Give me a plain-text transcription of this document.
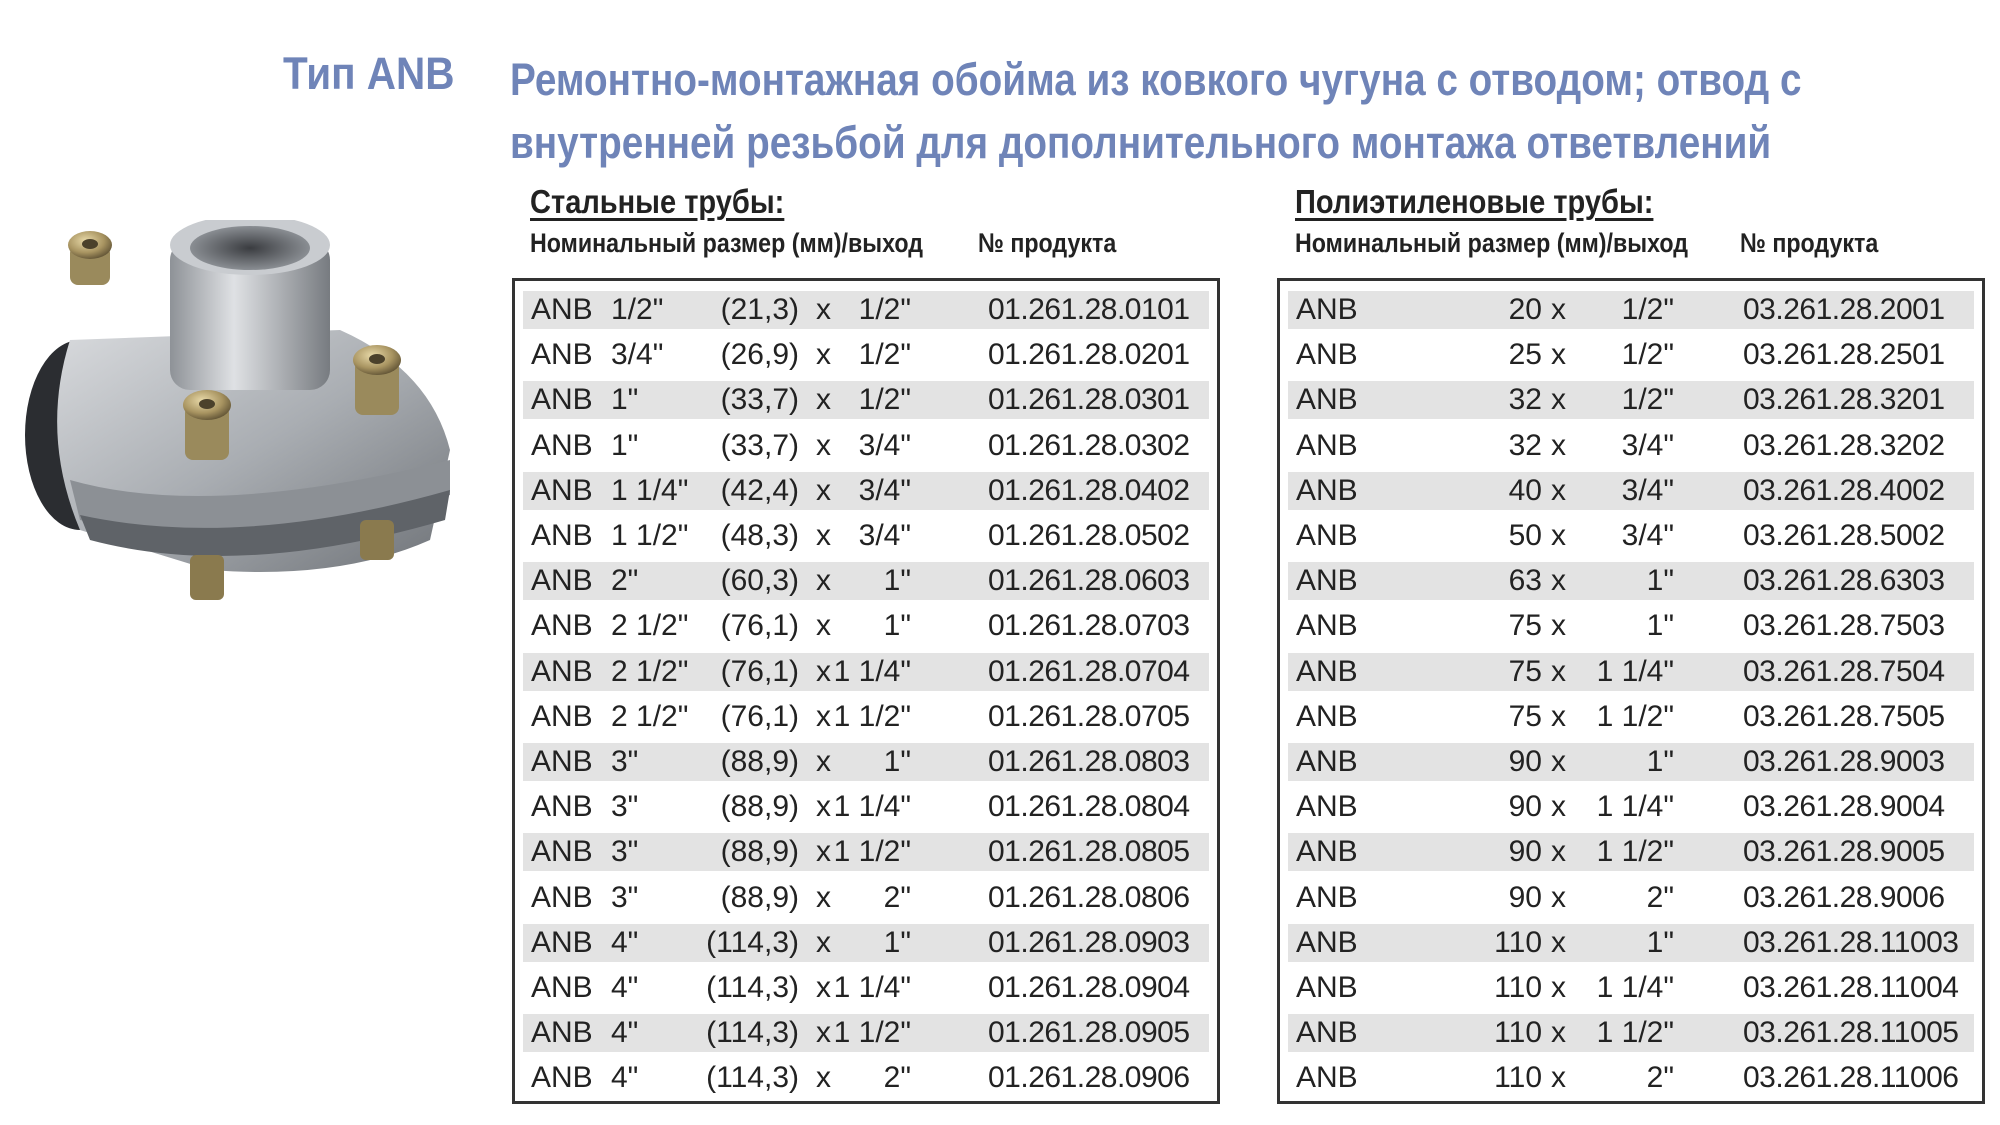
Тип ANB Ремонтно-монтажная обойма из ковкого чугуна с отводом; отвод с
внутренней резьбой для дополнительного монтажа ответвлений
Стальные трубы:
Номинальный размер (мм)/выход № продукта
ANB 1/2" (21,3) x 1/2"	01.261.28.0101
ANB 3/4" (26,9) x 1/2"	01.261.28.0201
ANB 1"	(33,7) x 1/2"	01.261.28.0301
ANB 1"	(33,7) x 3/4"	01.261.28.0302
ANB 1 1/4" (42,4) x 3/4"	01.261.28.0402
ANB 1 1/2" (48,3) x 3/4"	01.261.28.0502
ANB 2"	(60,3) x 1"	01.261.28.0603
ANB 2 1/2" (76,1) x 1"	01.261.28.0703
ANB 2 1/2" (76,1) x 1 1/4"	01.261.28.0704
ANB 2 1/2" (76,1) x 1 1/2"	01.261.28.0705
ANB 3"	(88,9) x 1"	01.261.28.0803
ANB 3"	(88,9) x 1 1/4"	01.261.28.0804
ANB 3"	(88,9) x 1 1/2"	01.261.28.0805
ANB 3"	(88,9) x 2"	01.261.28.0806
ANB 4" (114,3) x 1"	01.261.28.0903
ANB 4" (114,3) x 1 1/4"	01.261.28.0904
ANB 4" (114,3) x 1 1/2"	01.261.28.0905
ANB 4" (114,3) x 2"	01.261.28.0906
Полиэтиленовые трубы:
Номинальный размер (мм)/выход № продукта
ANB	20 x 1/2" 03.261.28.2001
ANB	25 x 1/2" 03.261.28.2501
ANB	32 x 1/2" 03.261.28.3201
ANB	32 x 3/4" 03.261.28.3202
ANB	40 x 3/4" 03.261.28.4002
ANB	50 x 3/4" 03.261.28.5002
ANB	63 x	1" 03.261.28.6303
ANB	75 x	1" 03.261.28.7503
ANB	75 x 1 1/4" 03.261.28.7504
ANB	75 x 1 1/2" 03.261.28.7505
ANB	90 x	1" 03.261.28.9003
ANB	90 x 1 1/4" 03.261.28.9004
ANB	90 x 1 1/2" 03.261.28.9005
ANB	90 x	2" 03.261.28.9006
ANB	110 x	1" 03.261.28.11003
ANB	110 x 1 1/4" 03.261.28.11004
ANB	110 x 1 1/2" 03.261.28.11005
ANB	110 x	2" 03.261.28.11006
